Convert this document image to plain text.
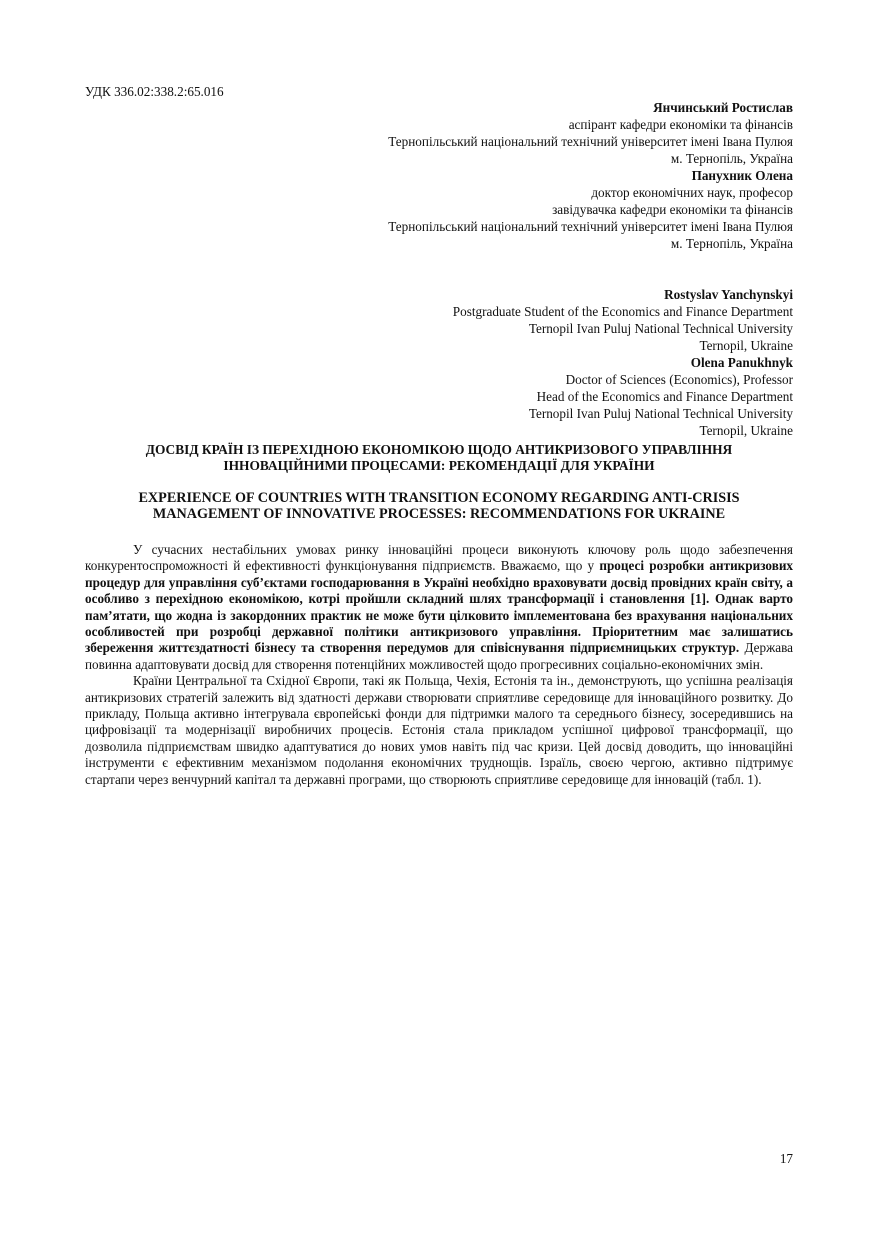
УДК 336.02:338.2:65.016
Янчинський Ростислав
аспірант кафедри економіки та фінансів
Тернопільський національний технічний університет імені Івана Пулюя
м. Тернопіль, Україна
Панухник Олена
доктор економічних наук, професор
завідувачка кафедри економіки та фінансів
Тернопільський національний технічний університет імені Івана Пулюя
м. Тернопіль, Україна
Rostyslav Yanchynskyi
Postgraduate Student of the Economics and Finance Department
Ternopil Ivan Puluj National Technical University
Ternopil, Ukraine
Olena Panukhnyk
Doctor of Sciences (Economics), Professor
Head of the Economics and Finance Department
Ternopil Ivan Puluj National Technical University
Ternopil, Ukraine
ДОСВІД КРАЇН ІЗ ПЕРЕХІДНОЮ ЕКОНОМІКОЮ ЩОДО АНТИКРИЗОВОГО УПРАВЛІННЯ
ІННОВАЦІЙНИМИ ПРОЦЕСАМИ: РЕКОМЕНДАЦІЇ ДЛЯ УКРАЇНИ
EXPERIENCE OF COUNTRIES WITH TRANSITION ECONOMY REGARDING ANTI-CRISIS
MANAGEMENT OF INNOVATIVE PROCESSES: RECOMMENDATIONS FOR UKRAINE

У сучасних нестабільних умовах ринку інноваційні процеси виконують ключову роль щодо забезпечення конкурентоспроможності й ефективності функціонування підприємств. Вважаємо, що у процесі розробки антикризових процедур для управління суб’єктами господарювання в Україні необхідно враховувати досвід провідних країн світу, а особливо з перехідною економікою, котрі пройшли складний шлях трансформації і становлення [1]. Однак варто пам’ятати, що жодна із закордонних практик не може бути цілковито імплементована без врахування національних особливостей при розробці державної політики антикризового управління. Пріоритетним має залишатись збереження життєздатності бізнесу та створення передумов для співіснування підприємницьких структур. Держава повинна адаптовувати досвід для створення потенційних можливостей щодо прогресивних соціально-економічних змін.

Країни Центральної та Східної Європи, такі як Польща, Чехія, Естонія та ін., демонструють, що успішна реалізація антикризових стратегій залежить від здатності держави створювати сприятливе середовище для інноваційного розвитку. До прикладу, Польща активно інтегрувала європейські фонди для підтримки малого та середнього бізнесу, зосередившись на цифровізації та модернізації виробничих процесів. Естонія стала прикладом успішної цифрової трансформації, що дозволила підприємствам швидко адаптуватися до нових умов навіть під час кризи. Цей досвід доводить, що інноваційні інструменти є ефективним механізмом подолання економічних труднощів. Ізраїль, своєю чергою, активно підтримує стартапи через венчурний капітал та державні програми, що створюють сприятливе середовище для інновацій (табл. 1).

17
